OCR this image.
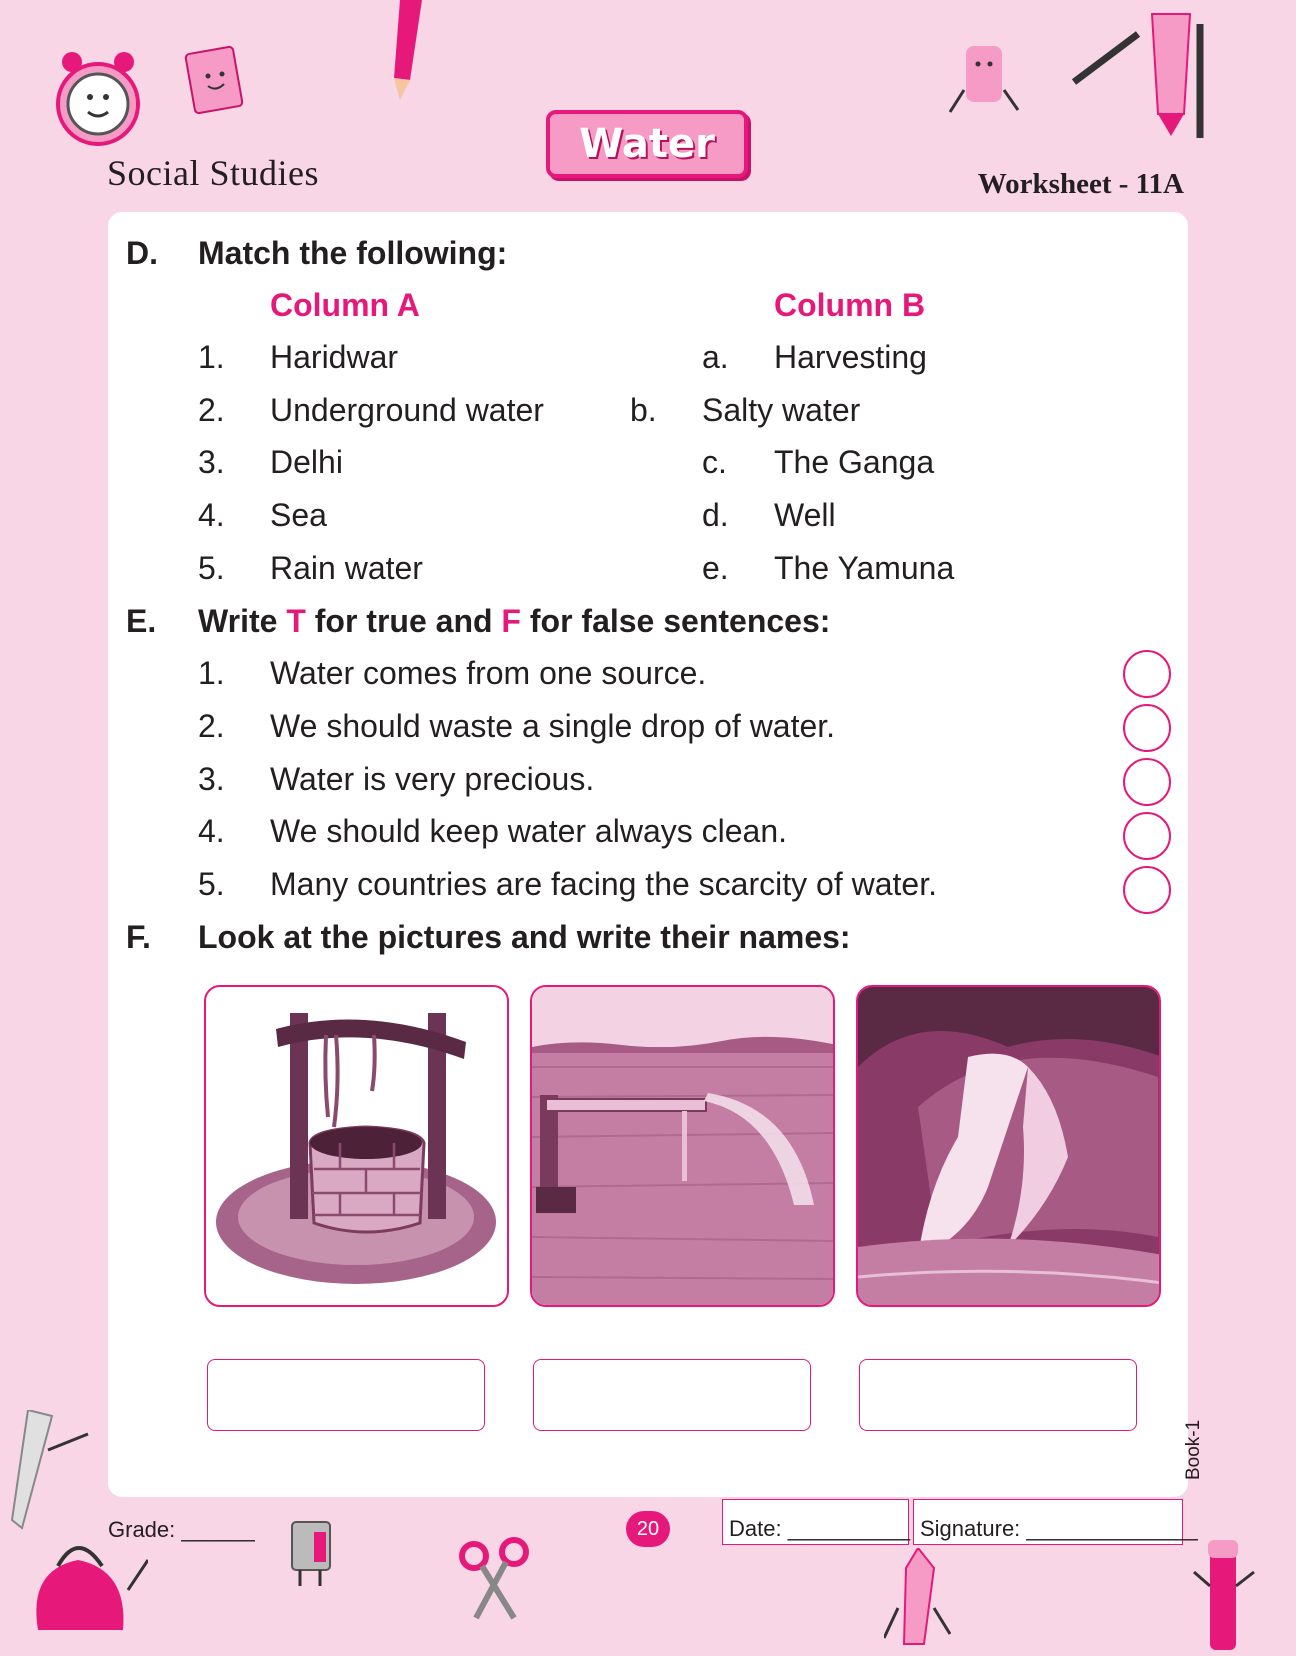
Social Studies
Water
Worksheet - 11A
D. Match the following:
Column A	Column B
1. Haridwar	a. Harvesting
2. Underground water	b. Salty water
3. Delhi	c. The Ganga
4. Sea	d. Well
5. Rain water	e. The Yamuna
E. Write T for true and F for false sentences:
1. Water comes from one source.
2. We should waste a single drop of water.
3. Water is very precious.
4. We should keep water always clean.
5. Many countries are facing the scarcity of water.
F. Look at the pictures and write their names:
Book-1
Grade: ______	20	Date: __________ Signature: ______________
